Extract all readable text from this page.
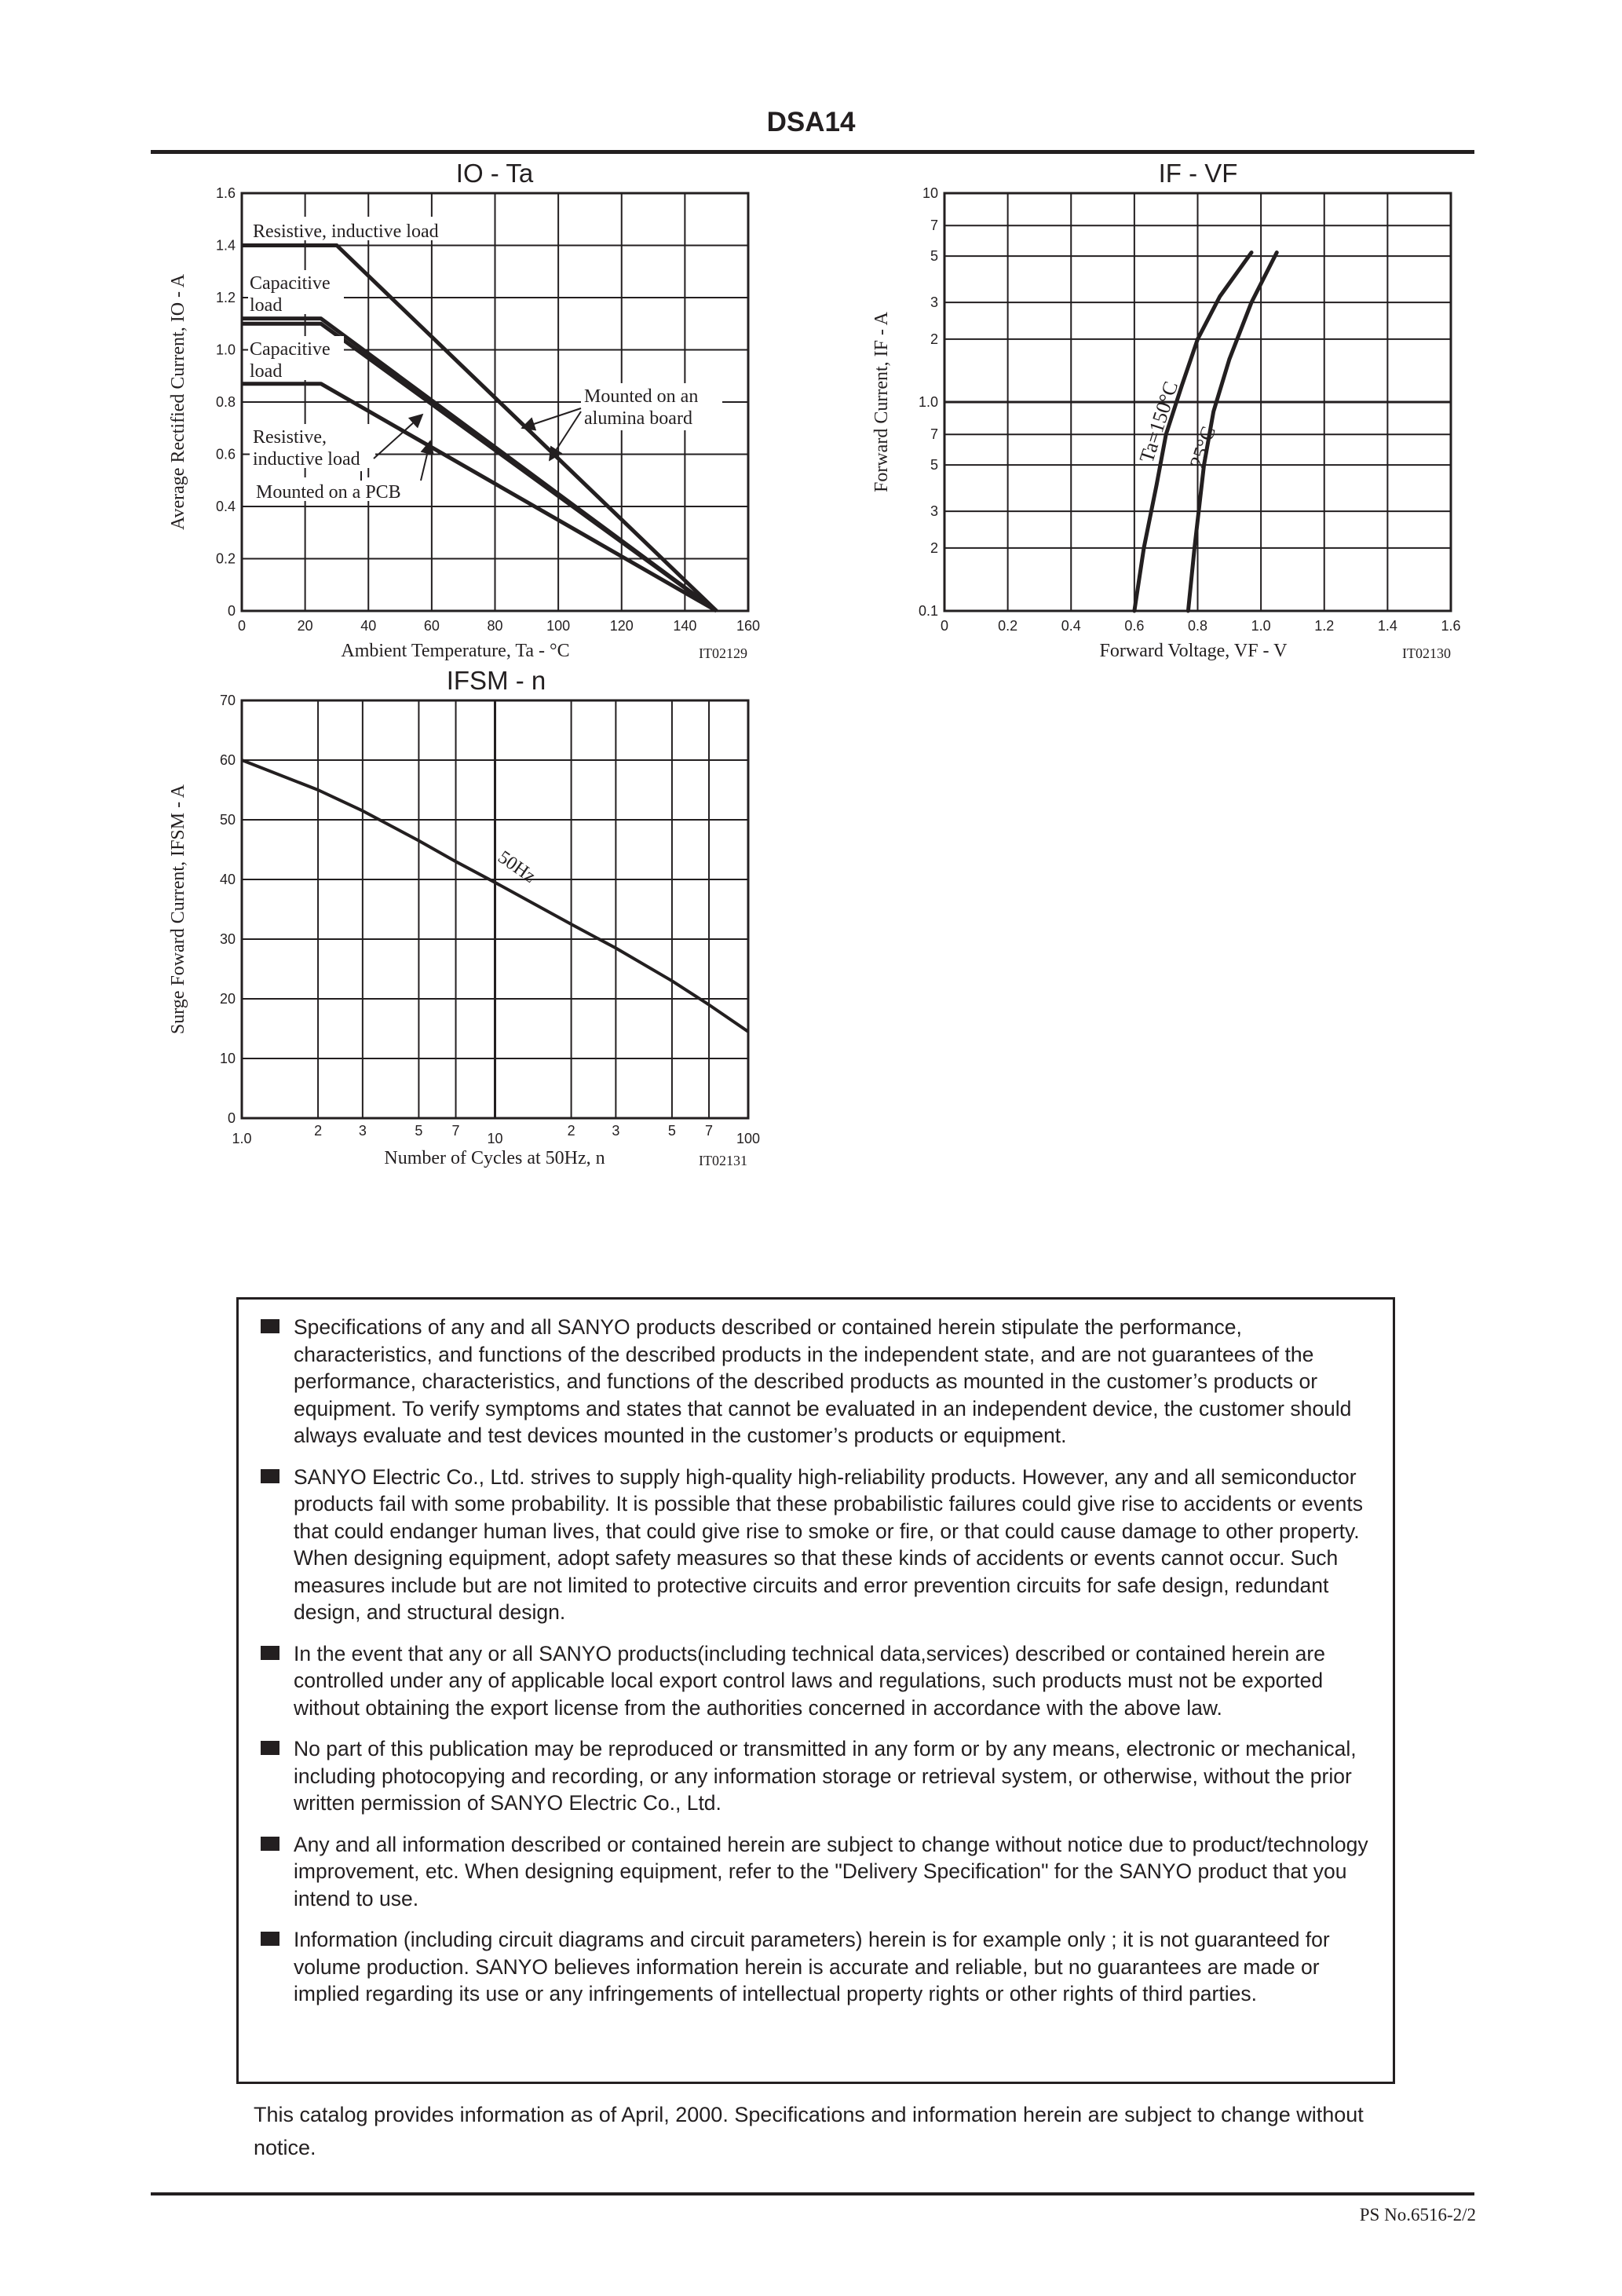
DSA14
0	20	40	60	80	100	120	140	160
0
0.2
0.4
0.6
0.8
1.0
1.2
1.4
1.6
IO - Ta
Ambient Temperature, Ta - °C
Average Rectified Current, IO - A
IT02129
Resistive, inductive load
Capacitive
load
Capacitive
load
Mounted on an
alumina board
Resistive,
inductive load
Mounted on a PCB
0	0.2	0.4	0.6	0.8	1.0	1.2	1.4	1.6
0.1
2
3
5
7
1.0
2
3
5
7
10
IF - VF
Forward Voltage, VF - V
Forward Current, IF - A
IT02130
Ta=150°C 25°C
1.0	2	3	5 7 10	2	3	5 7 100
0
10
20
30
40
50
60
70
IFSM - n
Number of Cycles at 50Hz, n
Surge Foward Current, IFSM - A
IT02131
50Hz
Specifications of any and all SANYO products described or contained herein stipulate the performance, characteristics, and functions of the described products in the independent state, and are not guarantees of the performance, characteristics, and functions of the described products as mounted in the customer’s products or equipment. To verify symptoms and states that cannot be evaluated in an independent device, the customer should always evaluate and test devices mounted in the customer’s products or equipment.
SANYO Electric Co., Ltd. strives to supply high-quality high-reliability products. However, any and all semiconductor products fail with some probability. It is possible that these probabilistic failures could give rise to accidents or events that could endanger human lives, that could give rise to smoke or fire, or that could cause damage to other property. When designing equipment, adopt safety measures so that these kinds of accidents or events cannot occur. Such measures include but are not limited to protective circuits and error prevention circuits for safe design, redundant design, and structural design.
In the event that any or all SANYO products(including technical data,services) described or contained herein are controlled under any of applicable local export control laws and regulations, such products must not be exported without obtaining the export license from the authorities concerned in accordance with the above law.
No part of this publication may be reproduced or transmitted in any form or by any means, electronic or mechanical, including photocopying and recording, or any information storage or retrieval system, or otherwise, without the prior written permission of SANYO Electric Co., Ltd.
Any and all information described or contained herein are subject to change without notice due to product/technology improvement, etc. When designing equipment, refer to the "Delivery Specification" for the SANYO product that you intend to use.
Information (including circuit diagrams and circuit parameters) herein is for example only ; it is not guaranteed for volume production. SANYO believes information herein is accurate and reliable, but no guarantees are made or implied regarding its use or any infringements of intellectual property rights or other rights of third parties.
This catalog provides information as of April, 2000. Specifications and information herein are subject to change without notice.
PS No.6516-2/2
